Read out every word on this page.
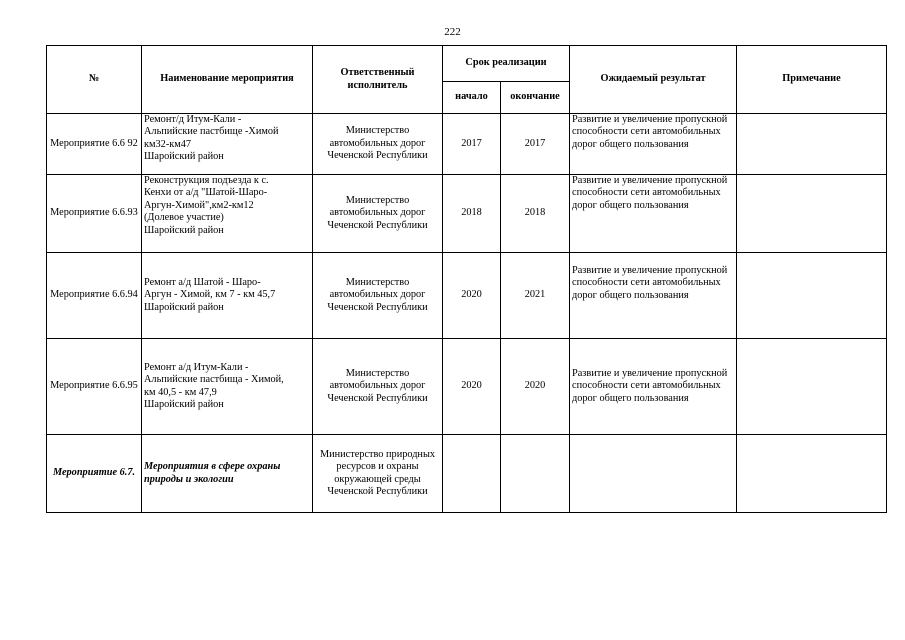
222
№	Наименование мероприятия	Ответственный исполнитель	Срок реализации		Ожидаемый результат	Примечание
			начало	окончание		
Мероприятие 6.6 92	Ремонт/д Итум-Кали -
Альпийские пастбище -Химой
км32-км47
Шаройский район	Министерство автомобильных дорог Чеченской Республики	2017	2017	Развитие и увеличение пропускной способности сети автомобильных дорог общего пользования	
Мероприятие 6.6.93	Реконструкция подъезда к с.
Кенхи от а/д "Шатой-Шаро-
Аргун-Химой",км2-км12
(Долевое участие)
Шаройский район	Министерство автомобильных дорог Чеченской Республики	2018	2018	Развитие и увеличение пропускной способности сети автомобильных дорог общего пользования	
Мероприятие 6.6.94	Ремонт а/д Шатой - Шаро-
Аргун - Химой, км 7 - км 45,7
Шаройский район	Министерство автомобильных дорог Чеченской Республики	2020	2021	Развитие и увеличение пропускной способности сети автомобильных дорог общего пользования	
Мероприятие 6.6.95	Ремонт а/д Итум-Кали -
Альпийские пастбища - Химой,
км 40,5 - км 47,9
Шаройский район	Министерство автомобильных дорог Чеченской Республики	2020	2020	Развитие и увеличение пропускной способности сети автомобильных дорог общего пользования	
Мероприятие 6.7.	Мероприятия в сфере охраны природы и экологии	Министерство природных ресурсов и охраны окружающей среды Чеченской Республики				
